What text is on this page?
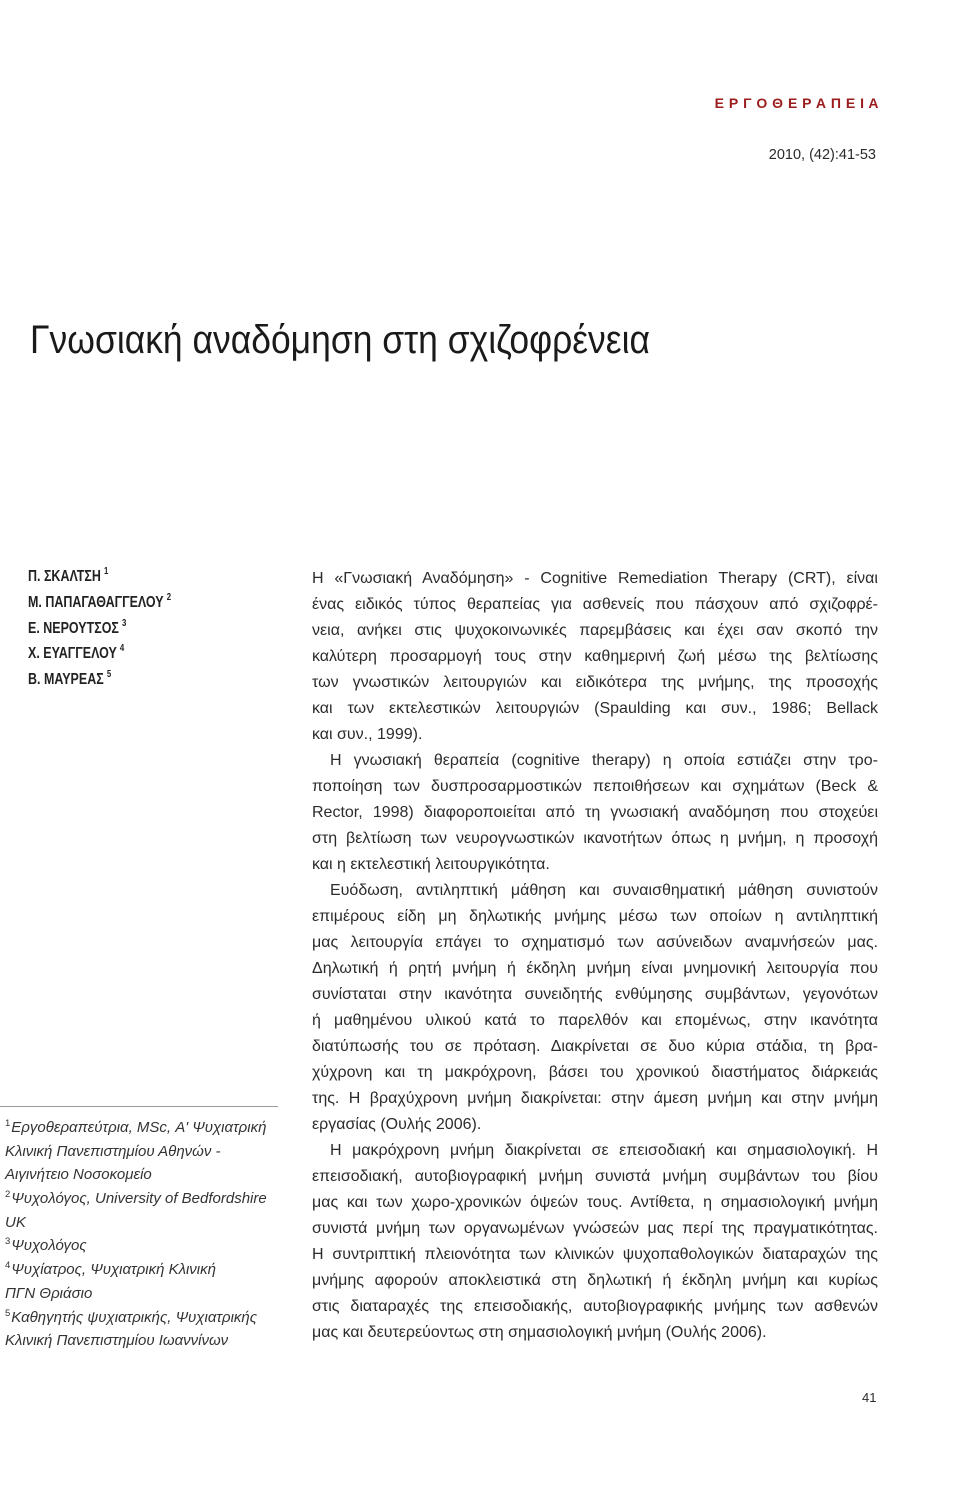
Ε Ρ Γ Ο Θ Ε Ρ Α Π Ε Ι Α
2010, (42):41-53
Γνωσιακή αναδόμηση στη σχιζοφρένεια
Π. ΣΚΑΛΤΣΗ $^1$
Μ. ΠΑΠΑΓΑΘΑΓΓΕΛΟΥ $^2$
Ε. ΝΕΡΟΥΤΣΟΣ $^3$
Χ. ΕΥΑΓΓΕΛΟΥ $^4$
Β. ΜΑΥΡΕΑΣ $^5$
$^1$Εργοθεραπεύτρια, MSc, Α' Ψυχιατρική
Κλινική Πανεπιστημίου Αθηνών -
Αιγινήτειο Νοσοκομείο
$^2$Ψυχολόγος, University of Bedfordshire
UK
$^3$Ψυχολόγος
$^4$Ψυχίατρος, Ψυχιατρική Κλινική
ΠΓΝ Θριάσιο
$^5$Καθηγητής ψυχιατρικής, Ψυχιατρικής
Κλινική Πανεπιστημίου Ιωαννίνων
Η «Γνωσιακή Αναδόμηση» - Cognitive Remediation Therapy (CRT), είναι
ένας ειδικός τύπος θεραπείας για ασθενείς που πάσχουν από σχιζοφρέ-
νεια, ανήκει στις ψυχοκοινωνικές παρεμβάσεις και έχει σαν σκοπό την
καλύτερη προσαρμογή τους στην καθημερινή ζωή μέσω της βελτίωσης
των γνωστικών λειτουργιών και ειδικότερα της μνήμης, της προσοχής
και των εκτελεστικών λειτουργιών (Spaulding και συν., 1986; Bellack
και συν., 1999).
Η γνωσιακή θεραπεία (cognitive therapy) η οποία εστιάζει στην τρο-
ποποίηση των δυσπροσαρμοστικών πεποιθήσεων και σχημάτων (Beck &
Rector, 1998) διαφοροποιείται από τη γνωσιακή αναδόμηση που στοχεύει
στη βελτίωση των νευρογνωστικών ικανοτήτων όπως η μνήμη, η προσοχή
και η εκτελεστική λειτουργικότητα.
Ευόδωση, αντιληπτική μάθηση και συναισθηματική μάθηση συνιστούν
επιμέρους είδη μη δηλωτικής μνήμης μέσω των οποίων η αντιληπτική
μας λειτουργία επάγει το σχηματισμό των ασύνειδων αναμνήσεών μας.
Δηλωτική ή ρητή μνήμη ή έκδηλη μνήμη είναι μνημονική λειτουργία που
συνίσταται στην ικανότητα συνειδητής ενθύμησης συμβάντων, γεγονότων
ή μαθημένου υλικού κατά το παρελθόν και επομένως, στην ικανότητα
διατύπωσής του σε πρόταση. Διακρίνεται σε δυο κύρια στάδια, τη βρα-
χύχρονη και τη μακρόχρονη, βάσει του χρονικού διαστήματος διάρκειάς
της. Η βραχύχρονη μνήμη διακρίνεται: στην άμεση μνήμη και στην μνήμη
εργασίας (Ουλής 2006).
Η μακρόχρονη μνήμη διακρίνεται σε επεισοδιακή και σημασιολογική. Η
επεισοδιακή, αυτοβιογραφική μνήμη συνιστά μνήμη συμβάντων του βίου
μας και των χωρο-χρονικών όψεών τους. Αντίθετα, η σημασιολογική μνήμη
συνιστά μνήμη των οργανωμένων γνώσεών μας περί της πραγματικότητας.
Η συντριπτική πλειονότητα των κλινικών ψυχοπαθολογικών διαταραχών της
μνήμης αφορούν αποκλειστικά στη δηλωτική ή έκδηλη μνήμη και κυρίως
στις διαταραχές της επεισοδιακής, αυτοβιογραφικής μνήμης των ασθενών
μας και δευτερεύοντως στη σημασιολογική μνήμη (Ουλής 2006).
41
